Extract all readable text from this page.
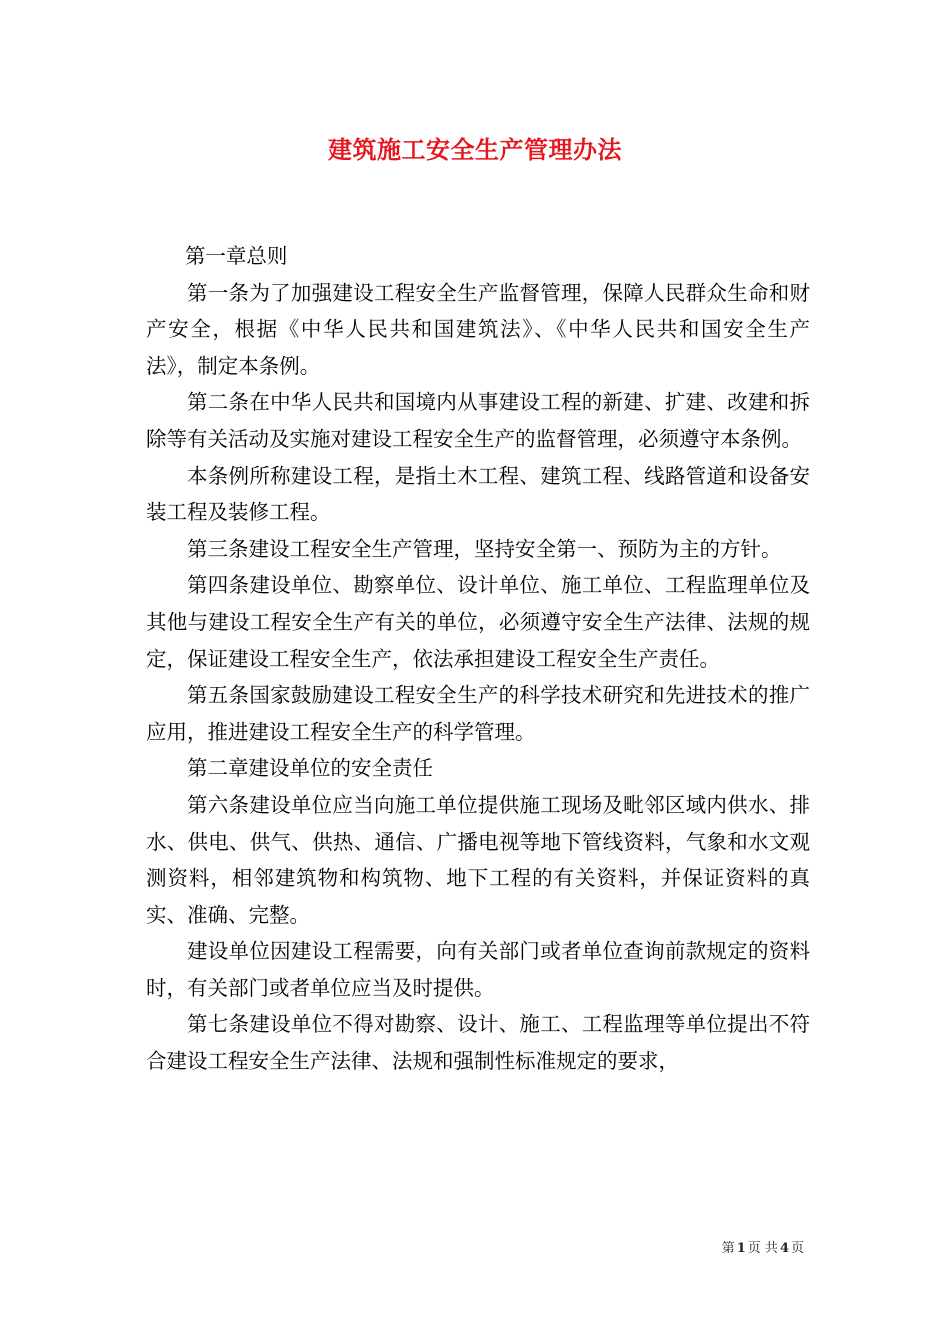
建筑施工安全生产管理办法

第一章总则

第一条为了加强建设工程安全生产监督管理，保障人民群众生命和财产安全，根据《中华人民共和国建筑法》、《中华人民共和国安全生产法》，制定本条例。

第二条在中华人民共和国境内从事建设工程的新建、扩建、改建和拆除等有关活动及实施对建设工程安全生产的监督管理，必须遵守本条例。

本条例所称建设工程，是指土木工程、建筑工程、线路管道和设备安装工程及装修工程。

第三条建设工程安全生产管理，坚持安全第一、预防为主的方针。

第四条建设单位、勘察单位、设计单位、施工单位、工程监理单位及其他与建设工程安全生产有关的单位，必须遵守安全生产法律、法规的规定，保证建设工程安全生产，依法承担建设工程安全生产责任。

第五条国家鼓励建设工程安全生产的科学技术研究和先进技术的推广应用，推进建设工程安全生产的科学管理。

第二章建设单位的安全责任

第六条建设单位应当向施工单位提供施工现场及毗邻区域内供水、排水、供电、供气、供热、通信、广播电视等地下管线资料，气象和水文观测资料，相邻建筑物和构筑物、地下工程的有关资料，并保证资料的真实、准确、完整。

建设单位因建设工程需要，向有关部门或者单位查询前款规定的资料时，有关部门或者单位应当及时提供。

第七条建设单位不得对勘察、设计、施工、工程监理等单位提出不符合建设工程安全生产法律、法规和强制性标准规定的要求，

第 1 页 共 4 页
